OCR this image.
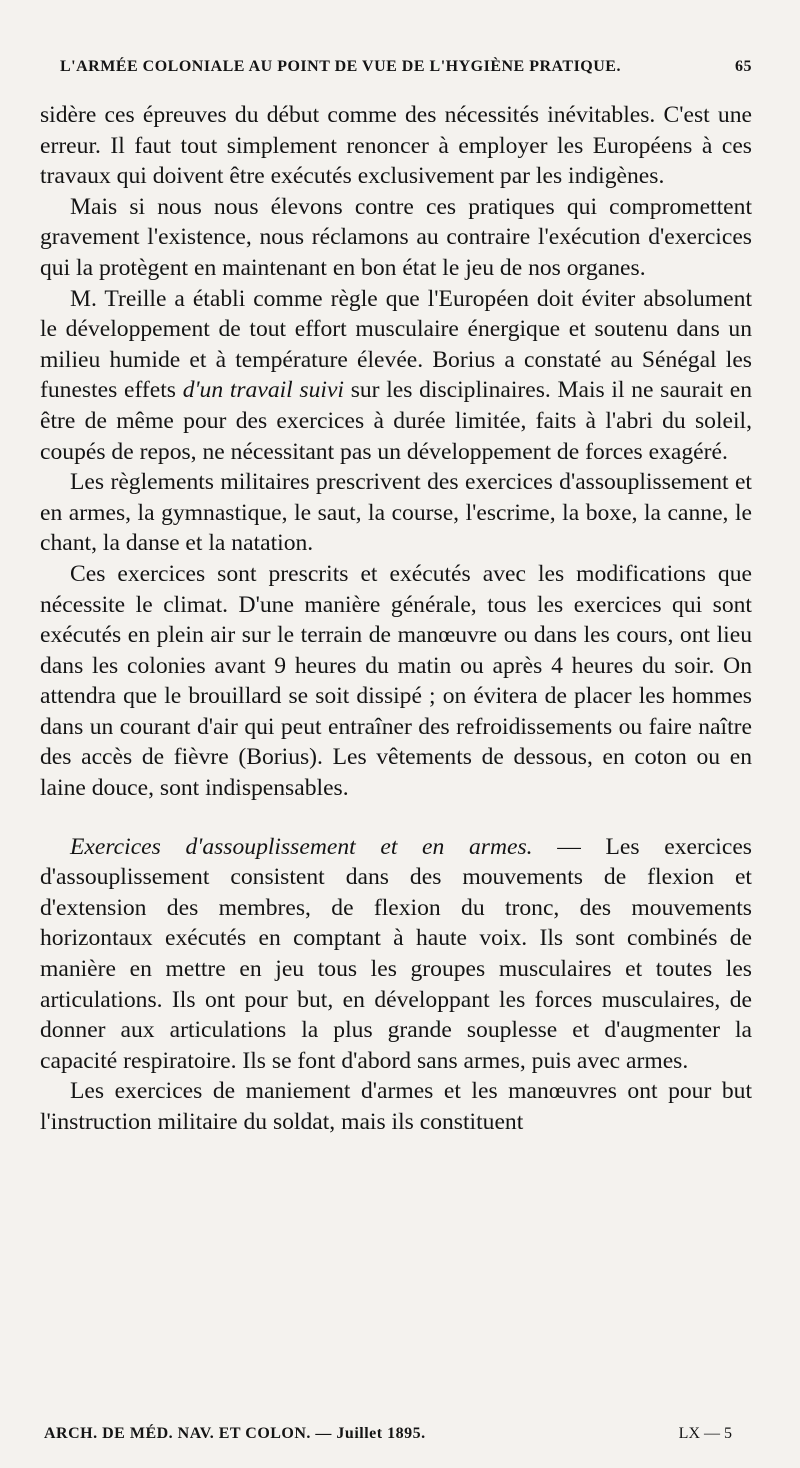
L'ARMÉE COLONIALE AU POINT DE VUE DE L'HYGIÈNE PRATIQUE.	65

sidère ces épreuves du début comme des nécessités inévitables. C'est une erreur. Il faut tout simplement renoncer à employer les Européens à ces travaux qui doivent être exécutés exclusivement par les indigènes.

Mais si nous nous élevons contre ces pratiques qui compromettent gravement l'existence, nous réclamons au contraire l'exécution d'exercices qui la protègent en maintenant en bon état le jeu de nos organes.

M. Treille a établi comme règle que l'Européen doit éviter absolument le développement de tout effort musculaire énergique et soutenu dans un milieu humide et à température élevée. Borius a constaté au Sénégal les funestes effets d'un travail suivi sur les disciplinaires. Mais il ne saurait en être de même pour des exercices à durée limitée, faits à l'abri du soleil, coupés de repos, ne nécessitant pas un développement de forces exagéré.

Les règlements militaires prescrivent des exercices d'assouplissement et en armes, la gymnastique, le saut, la course, l'escrime, la boxe, la canne, le chant, la danse et la natation.

Ces exercices sont prescrits et exécutés avec les modifications que nécessite le climat. D'une manière générale, tous les exercices qui sont exécutés en plein air sur le terrain de manœuvre ou dans les cours, ont lieu dans les colonies avant 9 heures du matin ou après 4 heures du soir. On attendra que le brouillard se soit dissipé ; on évitera de placer les hommes dans un courant d'air qui peut entraîner des refroidissements ou faire naître des accès de fièvre (Borius). Les vêtements de dessous, en coton ou en laine douce, sont indispensables.

Exercices d'assouplissement et en armes. — Les exercices d'assouplissement consistent dans des mouvements de flexion et d'extension des membres, de flexion du tronc, des mouvements horizontaux exécutés en comptant à haute voix. Ils sont combinés de manière en mettre en jeu tous les groupes musculaires et toutes les articulations. Ils ont pour but, en développant les forces musculaires, de donner aux articulations la plus grande souplesse et d'augmenter la capacité respiratoire. Ils se font d'abord sans armes, puis avec armes.

Les exercices de maniement d'armes et les manœuvres ont pour but l'instruction militaire du soldat, mais ils constituent

ARCH. DE MÉD. NAV. ET COLON. — Juillet 1895.	LX — 5
